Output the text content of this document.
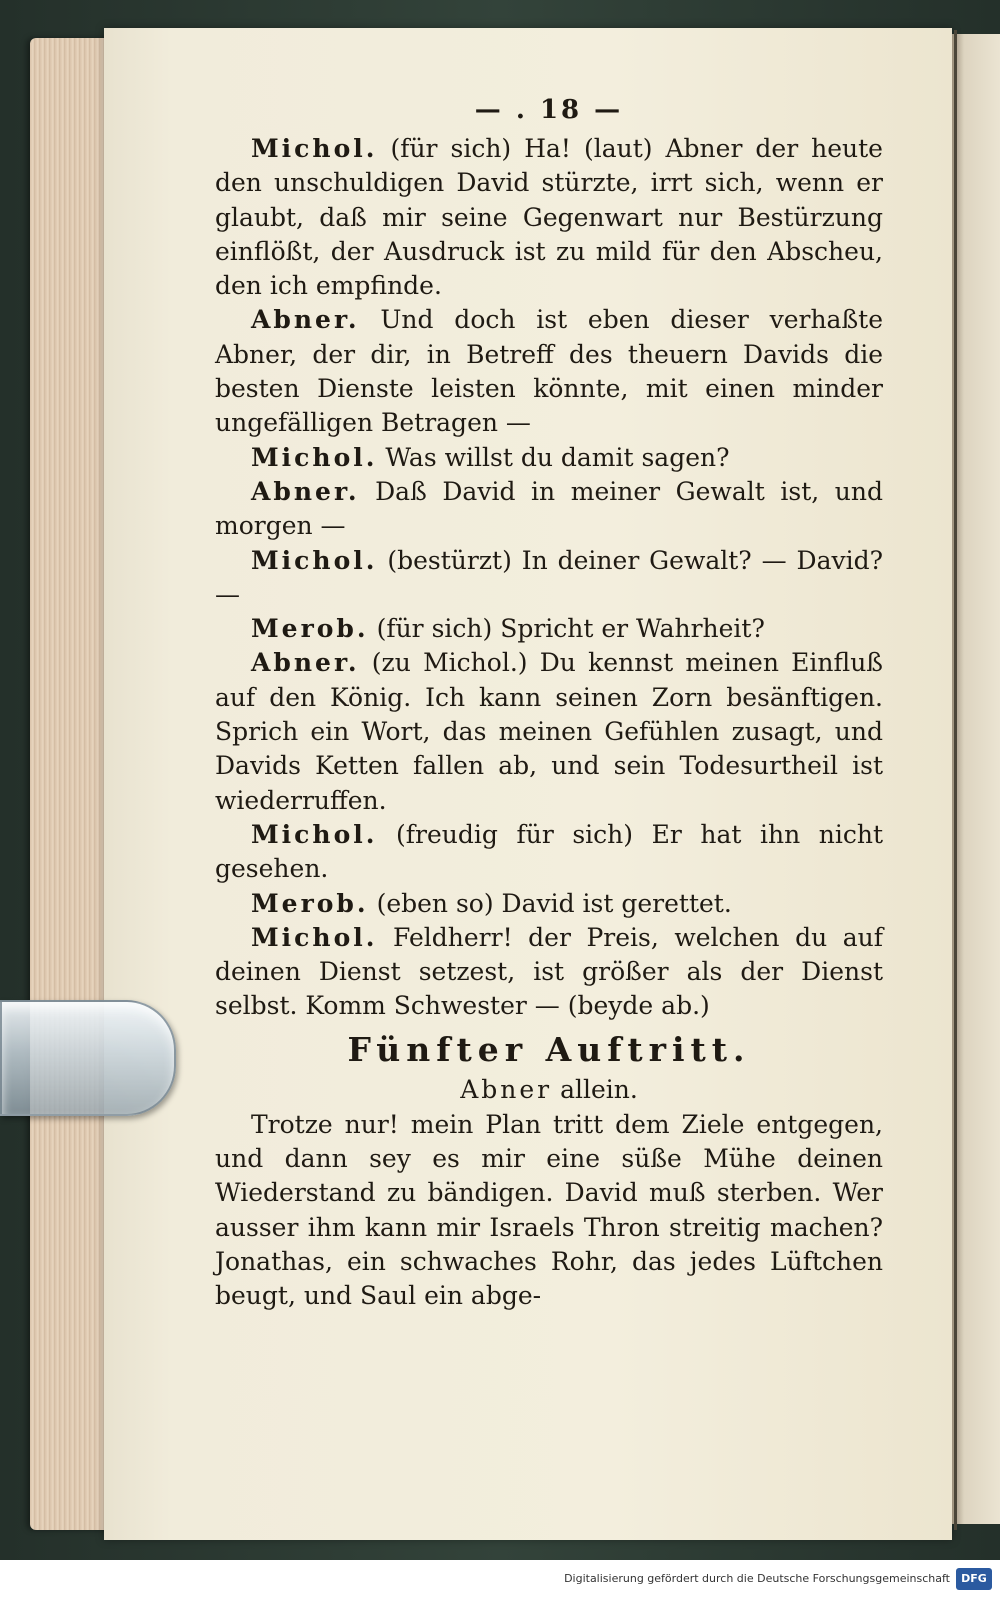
— . 18 —
Michol. (für sich) Ha! (laut) Abner der heute den unschuldigen David stürzte, irrt sich, wenn er glaubt, daß mir seine Gegenwart nur Bestürzung einflößt, der Ausdruck ist zu mild für den Abscheu, den ich empfinde.
Abner. Und doch ist eben dieser verhaßte Abner, der dir, in Betreff des theuern Davids die besten Dienste leisten könnte, mit einen minder ungefälligen Betragen —
Michol. Was willst du damit sagen?
Abner. Daß David in meiner Gewalt ist, und morgen —
Michol. (bestürzt) In deiner Gewalt? — David? —
Merob. (für sich) Spricht er Wahrheit?
Abner. (zu Michol.) Du kennst meinen Einfluß auf den König. Ich kann seinen Zorn besänftigen. Sprich ein Wort, das meinen Gefühlen zusagt, und Davids Ketten fallen ab, und sein Todesurtheil ist wiederruffen.
Michol. (freudig für sich) Er hat ihn nicht gesehen.
Merob. (eben so) David ist gerettet.
Michol. Feldherr! der Preis, welchen du auf deinen Dienst setzest, ist größer als der Dienst selbst. Komm Schwester — (beyde ab.)
Fünfter Auftritt.
Abner allein.
Trotze nur! mein Plan tritt dem Ziele entgegen, und dann sey es mir eine süße Mühe deinen Wiederstand zu bändigen. David muß sterben. Wer ausser ihm kann mir Israels Thron streitig machen? Jonathas, ein schwaches Rohr, das jedes Lüftchen beugt, und Saul ein abge-
Digitalisierung gefördert durch die Deutsche Forschungsgemeinschaft	DFG
